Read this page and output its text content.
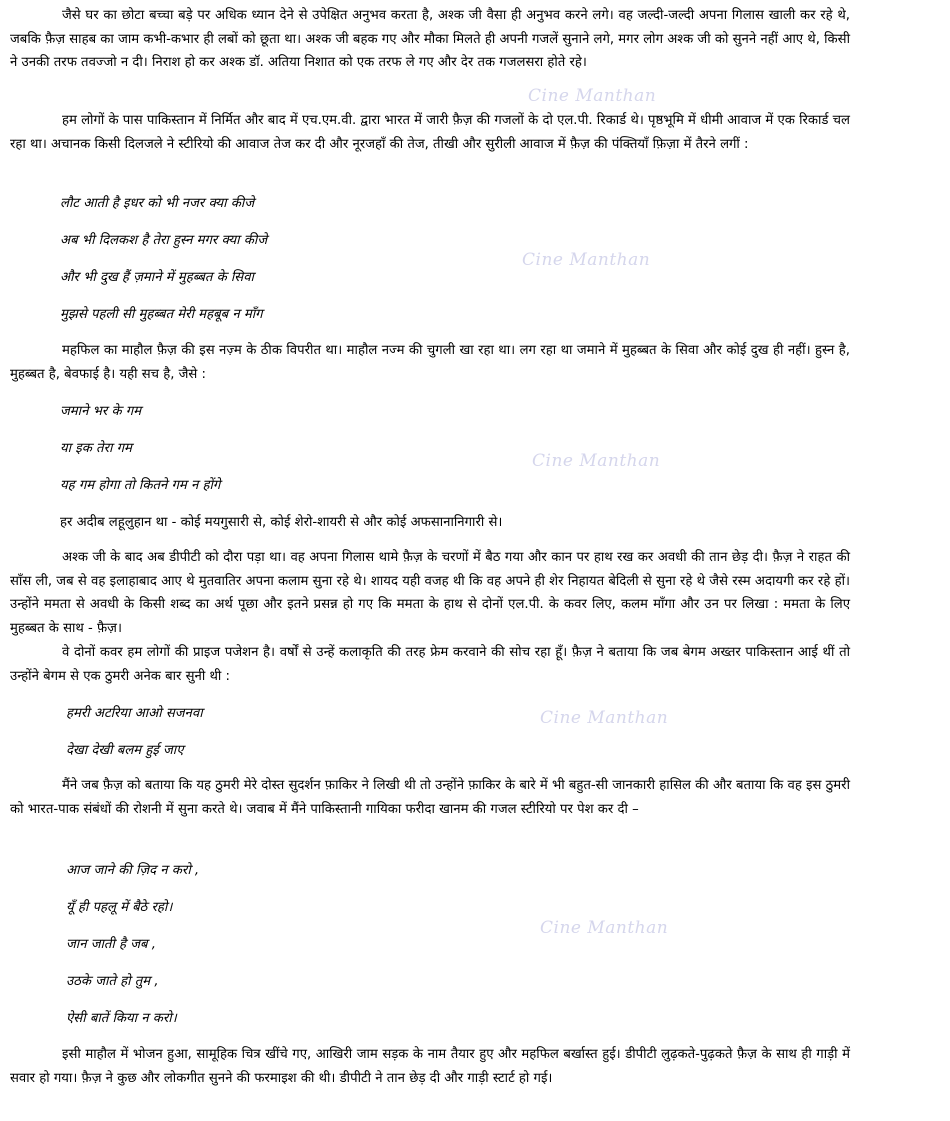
Cine Manthan
Cine Manthan
Cine Manthan
Cine Manthan
Cine Manthan

जैसे घर का छोटा बच्चा बड़े पर अधिक ध्यान देने से उपेक्षित अनुभव करता है, अश्क जी वैसा ही अनुभव करने लगे। वह जल्दी-जल्दी अपना गिलास खाली कर रहे थे, जबकि फ़ैज़ साहब का जाम कभी-कभार ही लबों को छूता था। अश्क जी बहक गए और मौका मिलते ही अपनी गजलें सुनाने लगे, मगर लोग अश्क जी को सुनने नहीं आए थे, किसी ने उनकी तरफ तवज्जो न दी। निराश हो कर अश्क डॉ. अतिया निशात को एक तरफ ले गए और देर तक गजलसरा होते रहे।

हम लोगों के पास पाकिस्तान में निर्मित और बाद में एच.एम.वी. द्वारा भारत में जारी फ़ैज़ की गजलों के दो एल.पी. रिकार्ड थे। पृष्ठभूमि में धीमी आवाज में एक रिकार्ड चल रहा था। अचानक किसी दिलजले ने स्टीरियो की आवाज तेज कर दी और नूरजहाँ की तेज, तीखी और सुरीली आवाज में फ़ैज़ की पंक्तियाँ फ़िज़ा में तैरने लगीं :

लौट आती है इधर को भी नजर क्या कीजे

अब भी दिलकश है तेरा हुस्न मगर क्या कीजे

और भी दुख हैं ज़माने में मुहब्बत के सिवा

मुझसे पहली सी मुहब्बत मेरी महबूब न माँग

महफिल का माहौल फ़ैज़ की इस नज़्म के ठीक विपरीत था। माहौल नज्म की चुगली खा रहा था। लग रहा था जमाने में मुहब्बत के सिवा और कोई दुख ही नहीं। हुस्न है, मुहब्बत है, बेवफाई है। यही सच है, जैसे :

जमाने भर के गम

या इक तेरा गम

यह गम होगा तो कितने गम न होंगे

हर अदीब लहूलुहान था - कोई मयगुसारी से, कोई शेरो-शायरी से और कोई अफसानानिगारी से।

अश्क जी के बाद अब डीपीटी को दौरा पड़ा था। वह अपना गिलास थामे फ़ैज़ के चरणों में बैठ गया और कान पर हाथ रख कर अवधी की तान छेड़ दी। फ़ैज़ ने राहत की साँस ली, जब से वह इलाहाबाद आए थे मुतवातिर अपना कलाम सुना रहे थे। शायद यही वजह थी कि वह अपने ही शेर निहायत बेदिली से सुना रहे थे जैसे रस्म अदायगी कर रहे हों। उन्होंने ममता से अवधी के किसी शब्द का अर्थ पूछा और इतने प्रसन्न हो गए कि ममता के हाथ से दोनों एल.पी. के कवर लिए, कलम माँगा और उन पर लिखा : ममता के लिए मुहब्बत के साथ - फ़ैज़।

वे दोनों कवर हम लोगों की प्राइज पजेशन है। वर्षों से उन्हें कलाकृति की तरह फ्रेम करवाने की सोच रहा हूँ। फ़ैज़ ने बताया कि जब बेगम अख्तर पाकिस्तान आई थीं तो उन्होंने बेगम से एक ठुमरी अनेक बार सुनी थी :

हमरी अटरिया आओ सजनवा

देखा देखी बलम हुई जाए

मैंने जब फ़ैज़ को बताया कि यह ठुमरी मेरे दोस्त सुदर्शन फ़ाकिर ने लिखी थी तो उन्होंने फ़ाकिर के बारे में भी बहुत-सी जानकारी हासिल की और बताया कि वह इस ठुमरी को भारत-पाक संबंधों की रोशनी में सुना करते थे। जवाब में मैंने पाकिस्तानी गायिका फरीदा खानम की गजल स्टीरियो पर पेश कर दी –

आज जाने की ज़िद न करो ,

यूँ ही पहलू में बैठे रहो।

जान जाती है जब ,

उठके जाते हो तुम ,

ऐसी बातें किया न करो।

इसी माहौल में भोजन हुआ, सामूहिक चित्र खींचे गए, आखिरी जाम सड़क के नाम तैयार हुए और महफिल बर्खास्त हुई। डीपीटी लुढ़कते-पुढ़कते फ़ैज़ के साथ ही गाड़ी में सवार हो गया। फ़ैज़ ने कुछ और लोकगीत सुनने की फरमाइश की थी। डीपीटी ने तान छेड़ दी और गाड़ी स्टार्ट हो गई।
